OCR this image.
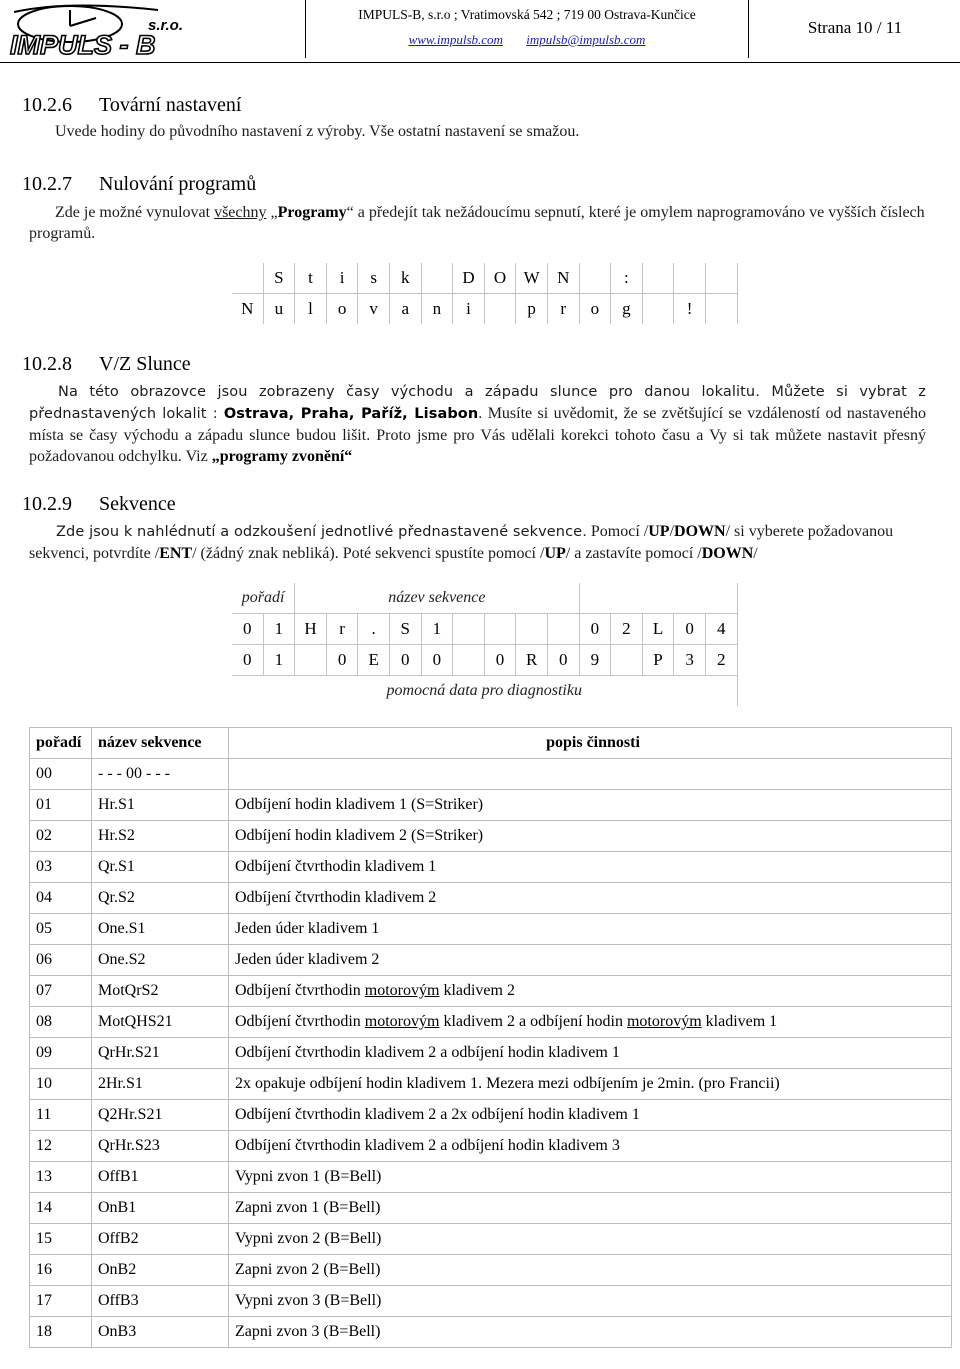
s.r.o.
IMPULS - B
IMPULS-B, s.r.o ; Vratimovská 542 ; 719 00 Ostrava-Kunčice
www.impulsb.com impulsb@impulsb.com
Strana 10 / 11
10.2.6 Tovární nastavení
Uvede hodiny do původního nastavení z výroby. Vše ostatní nastavení se smažou.
10.2.7 Nulování programů
Zde je možné vynulovat všechny „Programy“ a předejít tak nežádoucímu sepnutí, které je omylem naprogramováno ve vyšších číslech programů.
	S	t	i	s	k		D	O	W	N		:			
N	u	l	o	v	a	n	i		p	r	o	g		!	
10.2.8 V/Z Slunce
Na této obrazovce jsou zobrazeny časy východu a západu slunce pro danou lokalitu. Můžete si vybrat z přednastavených lokalit : Ostrava, Praha, Paříž, Lisabon. Musíte si uvědomit, že se zvětšující se vzdáleností od nastaveného místa se časy východu a západu slunce budou lišit. Proto jsme pro Vás udělali korekci tohoto času a Vy si tak můžete nastavit přesný požadovanou odchylku. Viz „programy zvonění“
10.2.9 Sekvence
Zde jsou k nahlédnutí a odzkoušení jednotlivé přednastavené sekvence. Pomocí /UP/DOWN/ si vyberete požadovanou sekvenci, potvrdíte /ENT/ (žádný znak nebliká). Poté sekvenci spustíte pomocí /UP/ a zastavíte pomocí /DOWN/
pořadí		název sekvence													
0	1	H	r	.	S	1					0	2	L	0	4
0	1		0	E	0	0		0	R	0	9		P	3	2
pomocná data pro diagnostiku															
pořadí	název sekvence	popis činnosti
00	- - - 00 - - -	
01	Hr.S1	Odbíjení hodin kladivem 1 (S=Striker)
02	Hr.S2	Odbíjení hodin kladivem 2 (S=Striker)
03	Qr.S1	Odbíjení čtvrthodin kladivem 1
04	Qr.S2	Odbíjení čtvrthodin kladivem 2
05	One.S1	Jeden úder kladivem 1
06	One.S2	Jeden úder kladivem 2
07	MotQrS2	Odbíjení čtvrthodin motorovým kladivem 2
08	MotQHS21	Odbíjení čtvrthodin motorovým kladivem 2 a odbíjení hodin motorovým kladivem 1
09	QrHr.S21	Odbíjení čtvrthodin kladivem 2 a odbíjení hodin kladivem 1
10	2Hr.S1	2x opakuje odbíjení hodin kladivem 1. Mezera mezi odbíjením je 2min. (pro Francii)
11	Q2Hr.S21	Odbíjení čtvrthodin kladivem 2 a 2x odbíjení hodin kladivem 1
12	QrHr.S23	Odbíjení čtvrthodin kladivem 2 a odbíjení hodin kladivem 3
13	OffB1	Vypni zvon 1 (B=Bell)
14	OnB1	Zapni zvon 1 (B=Bell)
15	OffB2	Vypni zvon 2 (B=Bell)
16	OnB2	Zapni zvon 2 (B=Bell)
17	OffB3	Vypni zvon 3 (B=Bell)
18	OnB3	Zapni zvon 3 (B=Bell)
